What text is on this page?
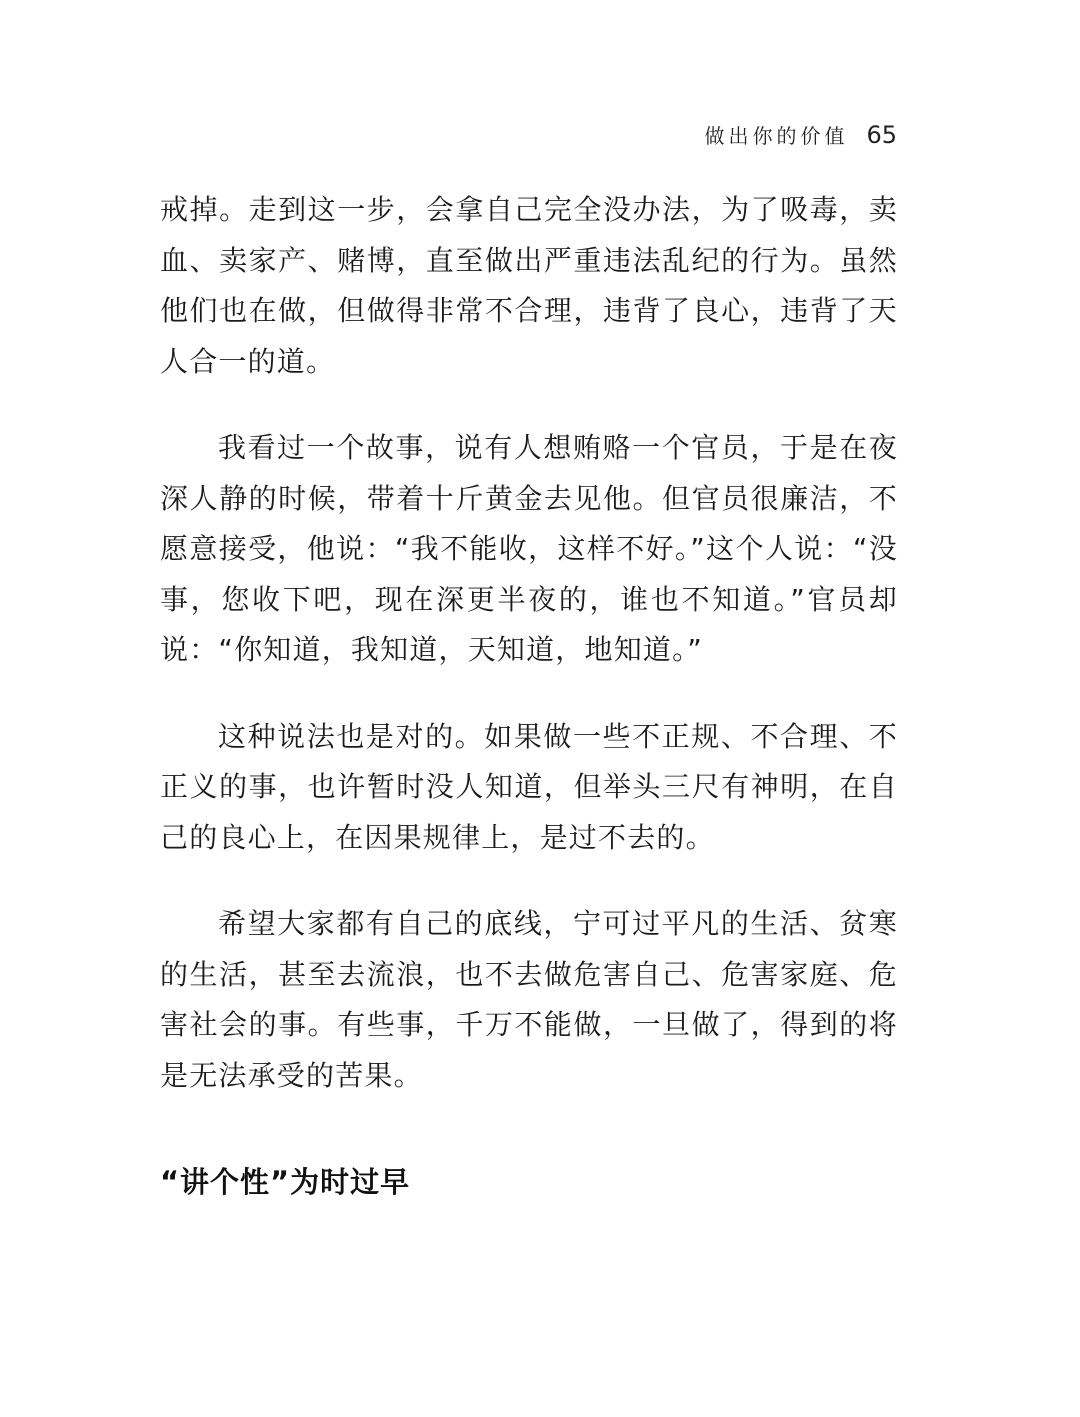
做出你的价值 65

戒掉。走到这一步，会拿自己完全没办法，为了吸毒，卖血、卖家产、赌博，直至做出严重违法乱纪的行为。虽然他们也在做，但做得非常不合理，违背了良心，违背了天人合一的道。

我看过一个故事，说有人想贿赂一个官员，于是在夜深人静的时候，带着十斤黄金去见他。但官员很廉洁，不愿意接受，他说：“我不能收，这样不好。”这个人说：“没事，您收下吧，现在深更半夜的，谁也不知道。”官员却说：“你知道，我知道，天知道，地知道。”

这种说法也是对的。如果做一些不正规、不合理、不正义的事，也许暂时没人知道，但举头三尺有神明，在自己的良心上，在因果规律上，是过不去的。

希望大家都有自己的底线，宁可过平凡的生活、贫寒的生活，甚至去流浪，也不去做危害自己、危害家庭、危害社会的事。有些事，千万不能做，一旦做了，得到的将是无法承受的苦果。

“讲个性”为时过早
